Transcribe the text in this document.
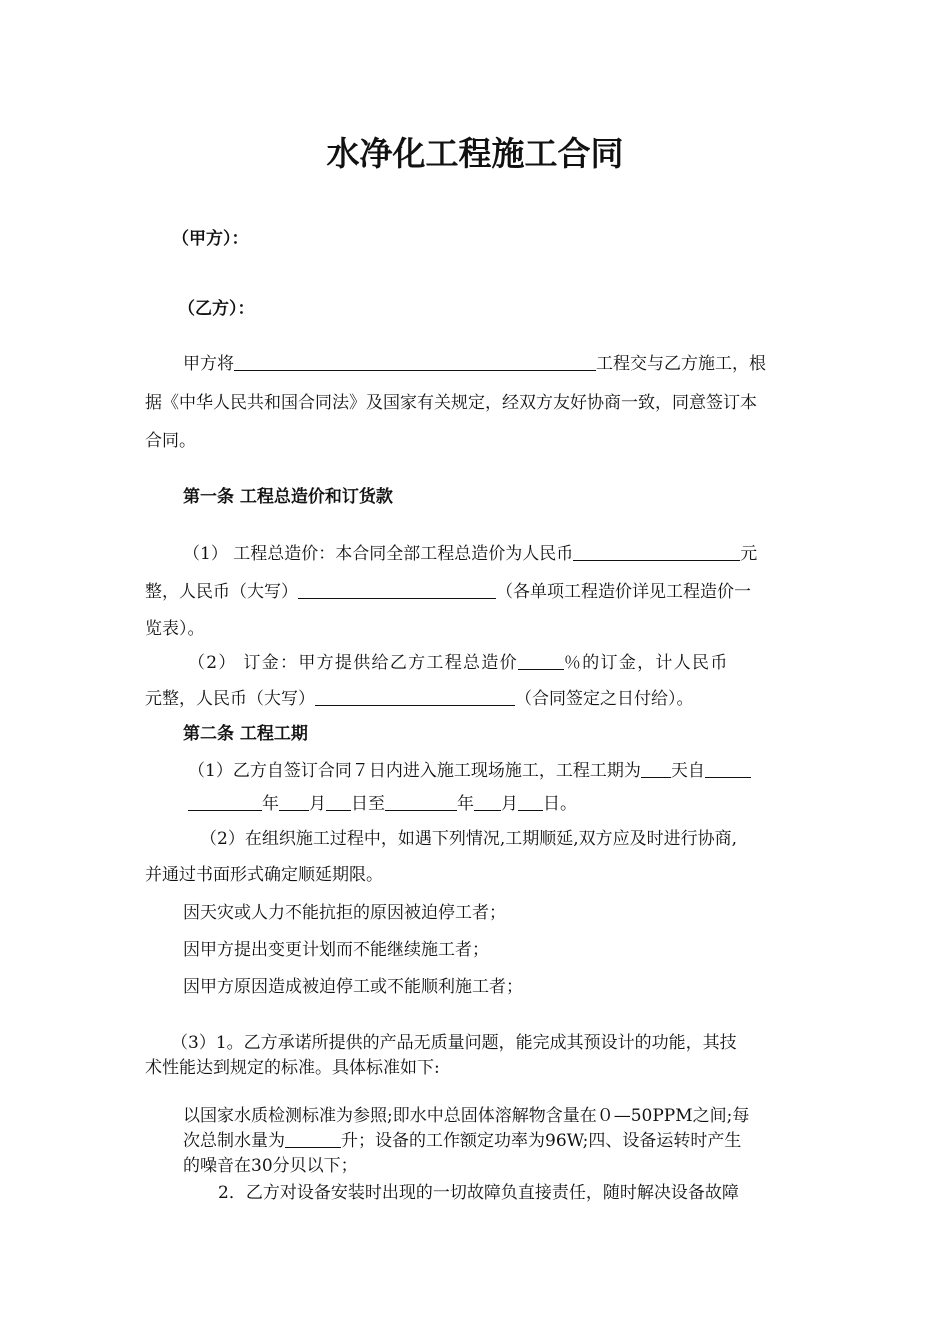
水净化工程施工合同
（甲方）：
（乙方）：
甲方将	工程交与乙方施工，根
据《中华人民共和国合同法》及国家有关规定，经双方友好协商一致，同意签订本
合同。
第一条 工程总造价和订货款
（1） 工程总造价：本合同全部工程总造价为人民币	元
整，人民币（大写）	（各单项工程造价详见工程造价一
览表）。
（2） 订金：甲方提供给乙方工程总造价	％的订金，计人民币
元整，人民币（大写）	（合同签定之日付给）。
第二条 工程工期
（1）乙方自签订合同７日内进入施工现场施工，工程工期为 天自
年 月 日至	年 月 日。
（2）在组织施工过程中，如遇下列情况,工期顺延,双方应及时进行协商,
并通过书面形式确定顺延期限。
因天灾或人力不能抗拒的原因被迫停工者；
因甲方提出变更计划而不能继续施工者；
因甲方原因造成被迫停工或不能顺利施工者；
（3）1。乙方承诺所提供的产品无质量问题，能完成其预设计的功能，其技
术性能达到规定的标准。具体标准如下:
以国家水质检测标准为参照;即水中总固体溶解物含量在０—50PPM之间;每
次总制水量为	升；设备的工作额定功率为96W;四、设备运转时产生
的噪音在30分贝以下；
2．乙方对设备安装时出现的一切故障负直接责任，随时解决设备故障
